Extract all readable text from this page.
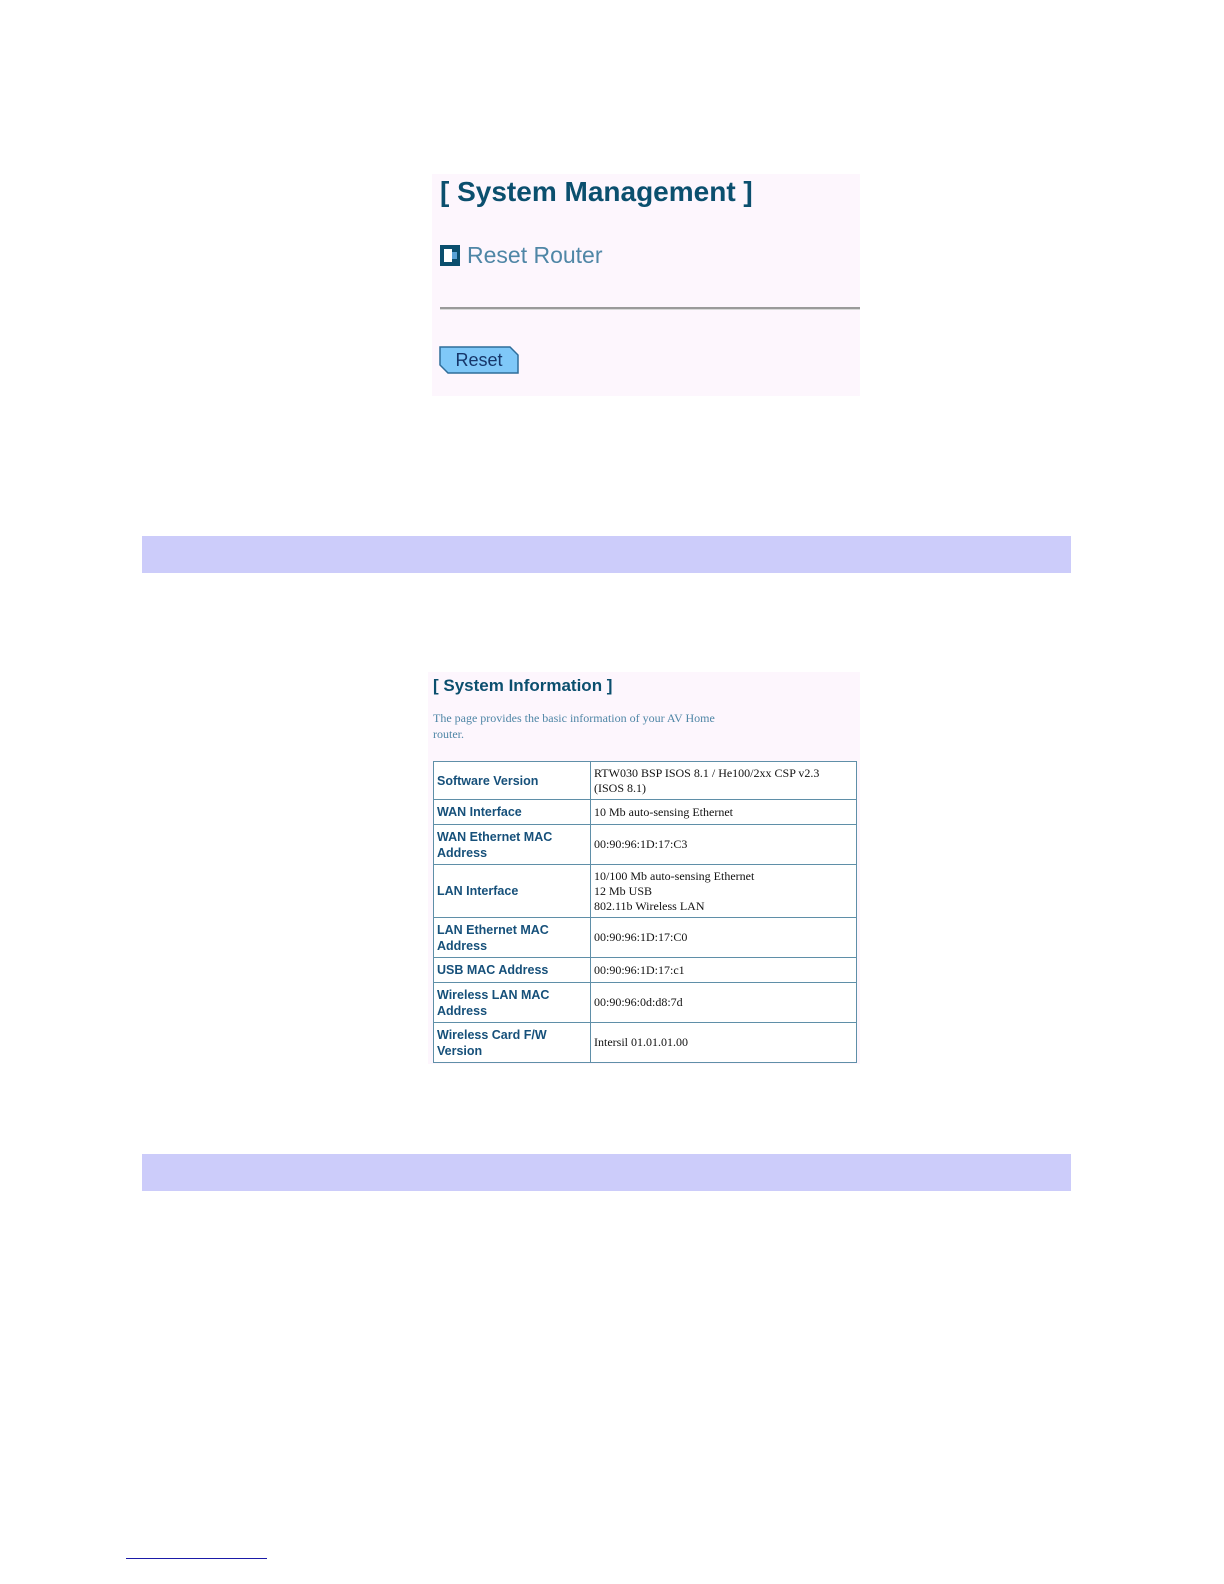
[ System Management ]
Reset Router
Reset
[ System Information ]

The page provides the basic information of your AV Home router.

Software Version	RTW030 BSP ISOS 8.1 / He100/2xx CSP v2.3
(ISOS 8.1)

WAN Interface	10 Mb auto-sensing Ethernet

WAN Ethernet MAC Address	00:90:96:1D:17:C3

LAN Interface	10/100 Mb auto-sensing Ethernet
12 Mb USB
802.11b Wireless LAN

LAN Ethernet MAC Address	00:90:96:1D:17:C0

USB MAC Address	00:90:96:1D:17:c1

Wireless LAN MAC Address	00:90:96:0d:d8:7d

Wireless Card F/W Version	Intersil 01.01.01.00
